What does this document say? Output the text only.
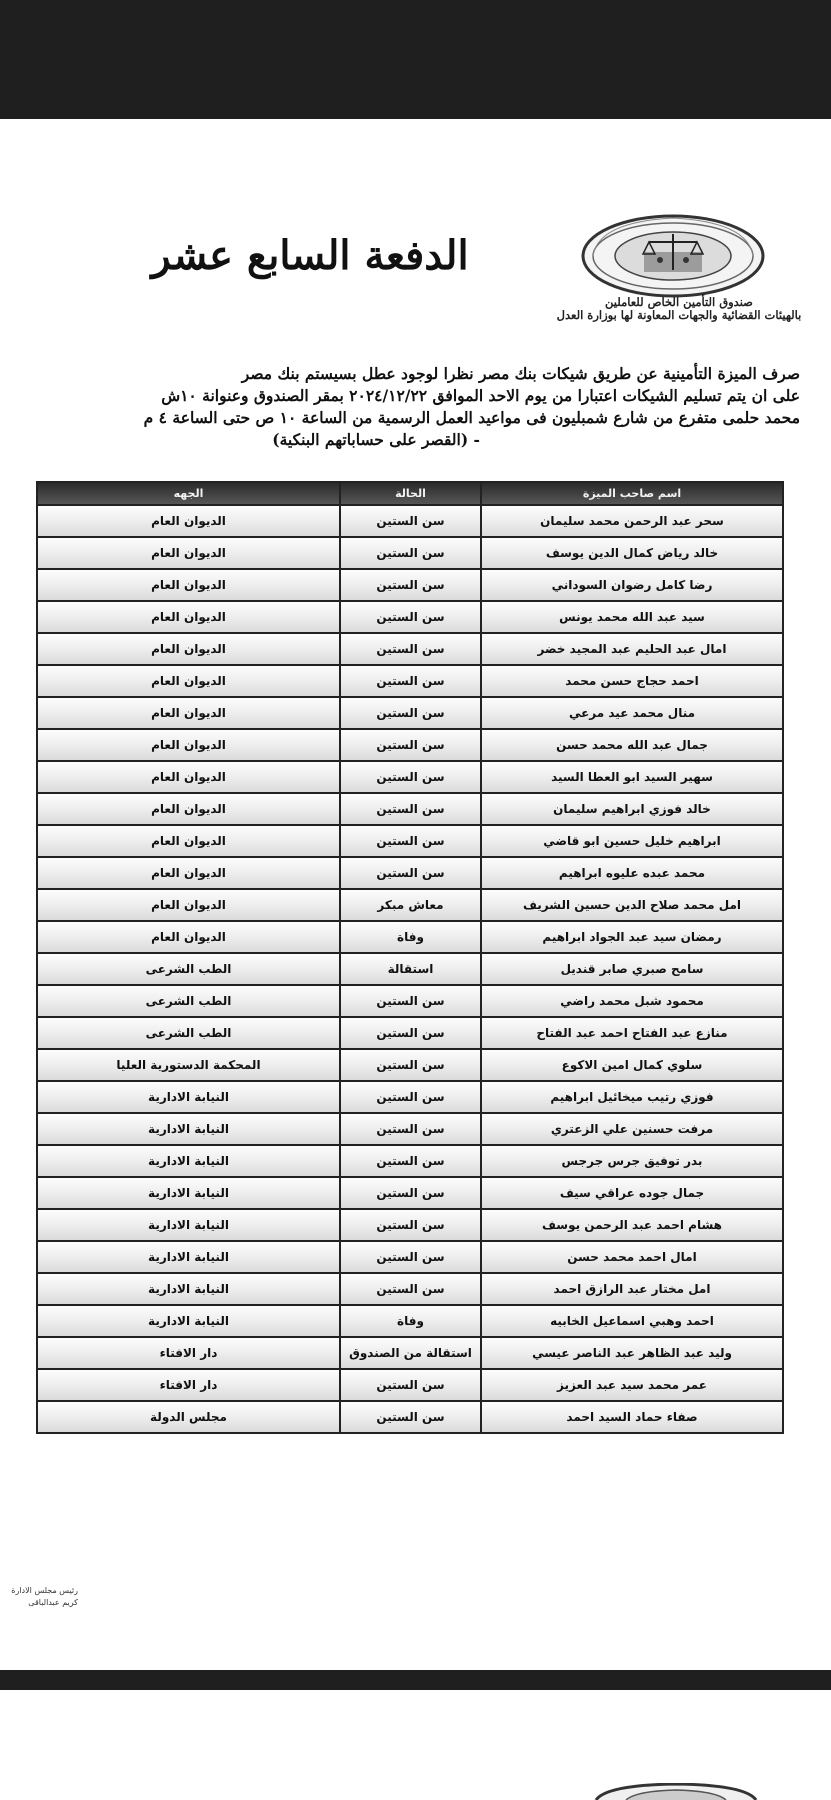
صندوق التأمين الخاص للعاملين
بالهيئات القضائية والجهات المعاونة لها بوزارة العدل
الدفعة السابع عشر
صرف الميزة التأمينية عن طريق شيكات بنك مصر نظرا لوجود عطل بسيستم بنك مصر
على ان يتم تسليم الشيكات اعتبارا من يوم الاحد الموافق ٢٠٢٤/١٢/٢٢ بمقر الصندوق وعنوانة ١٠ش
محمد حلمى متفرع من شارع شمبليون فى مواعيد العمل الرسمية من الساعة ١٠ ص حتى الساعة ٤ م
- (القصر على حساباتهم البنكية)
اسم صاحب الميزة	الحالة	الجهه
سحر عبد الرحمن محمد سليمان	سن الستين	الديوان العام
خالد رياض كمال الدين يوسف	سن الستين	الديوان العام
رضا كامل رضوان السوداني	سن الستين	الديوان العام
سيد عبد الله محمد يونس	سن الستين	الديوان العام
امال عبد الحليم عبد المجيد خضر	سن الستين	الديوان العام
احمد حجاج حسن محمد	سن الستين	الديوان العام
منال محمد عيد مرعي	سن الستين	الديوان العام
جمال عبد الله محمد حسن	سن الستين	الديوان العام
سهير السيد ابو العطا السيد	سن الستين	الديوان العام
خالد فوزي ابراهيم سليمان	سن الستين	الديوان العام
ابراهيم خليل حسين ابو قاضي	سن الستين	الديوان العام
محمد عبده عليوه ابراهيم	سن الستين	الديوان العام
امل محمد صلاح الدين حسين الشريف	معاش مبكر	الديوان العام
رمضان سيد عبد الجواد ابراهيم	وفاة	الديوان العام
سامح صبري صابر قنديل	استقالة	الطب الشرعى
محمود شبل محمد راضي	سن الستين	الطب الشرعى
منازع عبد الفتاح احمد عبد الفتاح	سن الستين	الطب الشرعى
سلوي كمال امين الاكوع	سن الستين	المحكمة الدستورية العليا
فوزي رتيب ميخائيل ابراهيم	سن الستين	النيابة الادارية
مرفت حسنين علي الزعتري	سن الستين	النيابة الادارية
بدر توفيق جرس جرجس	سن الستين	النيابة الادارية
جمال جوده عراقي سيف	سن الستين	النيابة الادارية
هشام احمد عبد الرحمن يوسف	سن الستين	النيابة الادارية
امال احمد محمد حسن	سن الستين	النيابة الادارية
امل مختار عبد الرازق احمد	سن الستين	النيابة الادارية
احمد وهبي اسماعيل الخابيه	وفاة	النيابة الادارية
وليد عبد الظاهر عبد الناصر عيسي	استقالة من الصندوق	دار الافتاء
عمر محمد سيد عبد العزيز	سن الستين	دار الافتاء
صفاء حماد السيد احمد	سن الستين	مجلس الدولة
رئيس مجلس الادارة
كريم عبدالباقى
